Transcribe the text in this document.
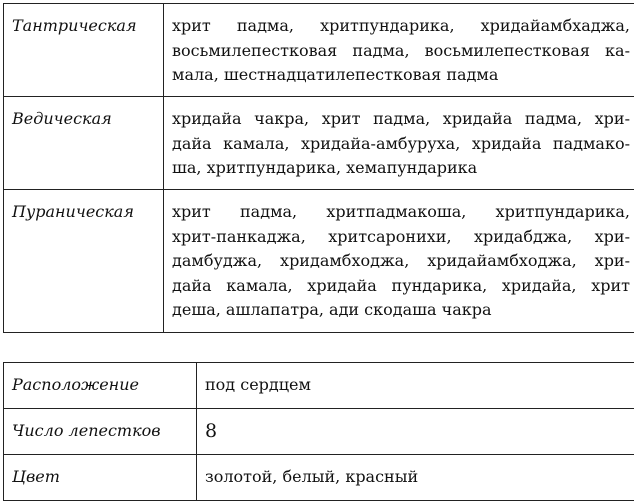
Тантрическая	хрит падма, хритпундарика, хридайамбхаджа,
восьмилепестковая падма, восьмилепестковая ка-
мала, шестнадцатилепестковая падма

Ведическая	хридайа чакра, хрит падма, хридайа падма, хри-
дайа камала, хридайа-амбуруха, хридайа падмако-
ша, хритпундарика, хемапундарика

Пураническая	хрит падма, хритпадмакоша, хритпундарика,
хрит-панкаджа, хритсаронихи, хридабджа, хри-
дамбуджа, хридамбходжа, хридайамбходжа, хри-
дайа камала, хридайа пундарика, хридайа, хрит
деша, ашлапатра, ади скодаша чакра
Расположение	под сердцем
Число лепестков	8
Цвет	золотой, белый, красный
